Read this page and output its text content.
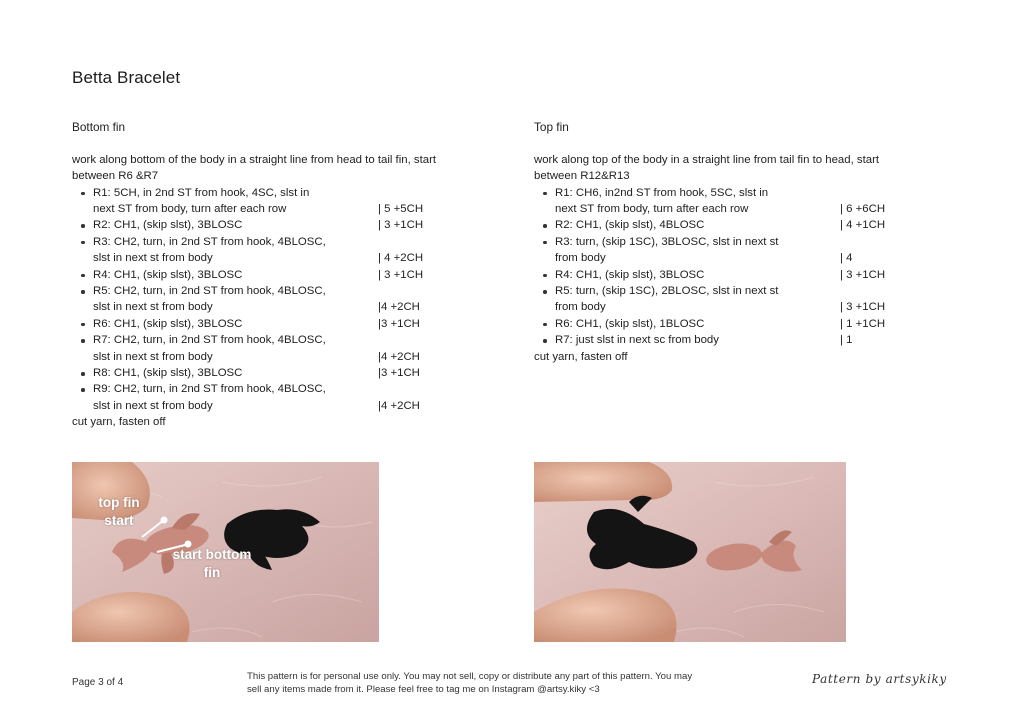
Betta Bracelet
Bottom fin

work along bottom of the body in a straight line from head to tail fin, start between R6 &R7

R1: 5CH, in 2nd ST from hook, 4SC, slst in next ST from body, turn after each row	| 5 +5CH
R2: CH1, (skip slst), 3BLOSC	| 3 +1CH
R3: CH2, turn, in 2nd ST from hook, 4BLOSC, slst in next st from body	| 4 +2CH
R4: CH1, (skip slst), 3BLOSC	| 3 +1CH
R5: CH2, turn, in 2nd ST from hook, 4BLOSC, slst in next st from body	|4 +2CH
R6: CH1, (skip slst), 3BLOSC	|3 +1CH
R7: CH2, turn, in 2nd ST from hook, 4BLOSC, slst in next st from body	|4 +2CH
R8: CH1, (skip slst), 3BLOSC	|3 +1CH
R9: CH2, turn, in 2nd ST from hook, 4BLOSC, slst in next st from body	|4 +2CH

cut yarn, fasten off

Top fin

work along top of the body in a straight line from tail fin to head, start between R12&R13

R1: CH6, in2nd ST from hook, 5SC, slst in next ST from body, turn after each row	| 6 +6CH
R2: CH1, (skip slst), 4BLOSC	| 4 +1CH
R3: turn, (skip 1SC), 3BLOSC, slst in next st from body	| 4
R4: CH1, (skip slst), 3BLOSC	| 3 +1CH
R5: turn, (skip 1SC), 2BLOSC, slst in next st from body	| 3 +1CH
R6: CH1, (skip slst), 1BLOSC	| 1 +1CH
R7: just slst in next sc from body	| 1

cut yarn, fasten off

top fin start
start bottom fin
Page 3 of 4
This pattern is for personal use only. You may not sell, copy or distribute any part of this pattern. You may sell any items made from it. Please feel free to tag me on Instagram @artsy.kiky <3
Pattern by artsykiky
